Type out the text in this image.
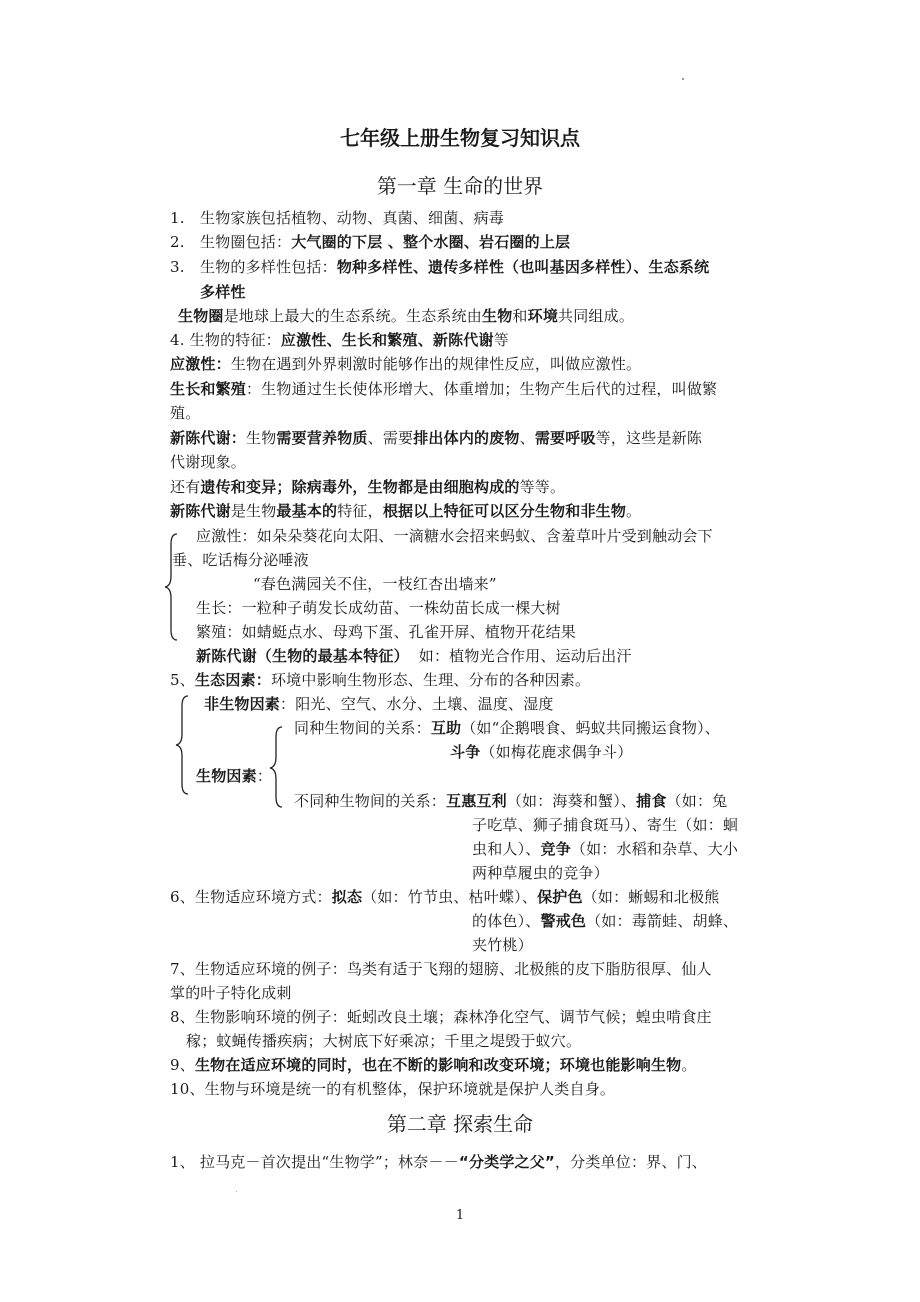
七年级上册生物复习知识点
第一章 生命的世界
1. 生物家族包括植物、动物、真菌、细菌、病毒
2. 生物圈包括：大气圈的下层 、整个水圈、岩石圈的上层
3. 生物的多样性包括：物种多样性、遗传多样性（也叫基因多样性）、生态系统
多样性
生物圈是地球上最大的生态系统。生态系统由生物和环境共同组成。
4. 生物的特征：应激性、生长和繁殖、新陈代谢等
应激性：生物在遇到外界刺激时能够作出的规律性反应，叫做应激性。
生长和繁殖：生物通过生长使体形增大、体重增加；生物产生后代的过程，叫做繁
殖。
新陈代谢：生物需要营养物质、需要排出体内的废物、需要呼吸等，这些是新陈
代谢现象。
还有遗传和变异；除病毒外，生物都是由细胞构成的等等。
新陈代谢是生物最基本的特征，根据以上特征可以区分生物和非生物。
应激性：如朵朵葵花向太阳、一滴糖水会招来蚂蚁、含羞草叶片受到触动会下
垂、吃话梅分泌唾液
“春色满园关不住，一枝红杏出墙来”
生长：一粒种子萌发长成幼苗、一株幼苗长成一棵大树
繁殖：如蜻蜓点水、母鸡下蛋、孔雀开屏、植物开花结果
新陈代谢（生物的最基本特征）  如：植物光合作用、运动后出汗
5、生态因素：环境中影响生物形态、生理、分布的各种因素。
非生物因素：阳光、空气、水分、土壤、温度、湿度
生物因素：
同种生物间的关系：互助（如“企鹅喂食、蚂蚁共同搬运食物）、
斗争（如梅花鹿求偶争斗）
不同种生物间的关系：互惠互利（如：海葵和蟹）、捕食（如：兔
子吃草、狮子捕食斑马）、寄生（如：蛔
虫和人）、竞争（如：水稻和杂草、大小
两种草履虫的竞争）
6、生物适应环境方式：拟态（如：竹节虫、枯叶蝶）、保护色（如：蜥蜴和北极熊
的体色）、警戒色（如：毒箭蛙、胡蜂、
夹竹桃）
7、生物适应环境的例子：鸟类有适于飞翔的翅膀、北极熊的皮下脂肪很厚、仙人
掌的叶子特化成刺
8、生物影响环境的例子：蚯蚓改良土壤；森林净化空气、调节气候；蝗虫啃食庄
稼；蚊蝇传播疾病；大树底下好乘凉；千里之堤毁于蚁穴。
9、生物在适应环境的同时，也在不断的影响和改变环境；环境也能影响生物。
10、生物与环境是统一的有机整体，保护环境就是保护人类自身。
第二章 探索生命
1、 拉马克－首次提出“生物学”；林奈－－“分类学之父”，分类单位：界、门、
1
